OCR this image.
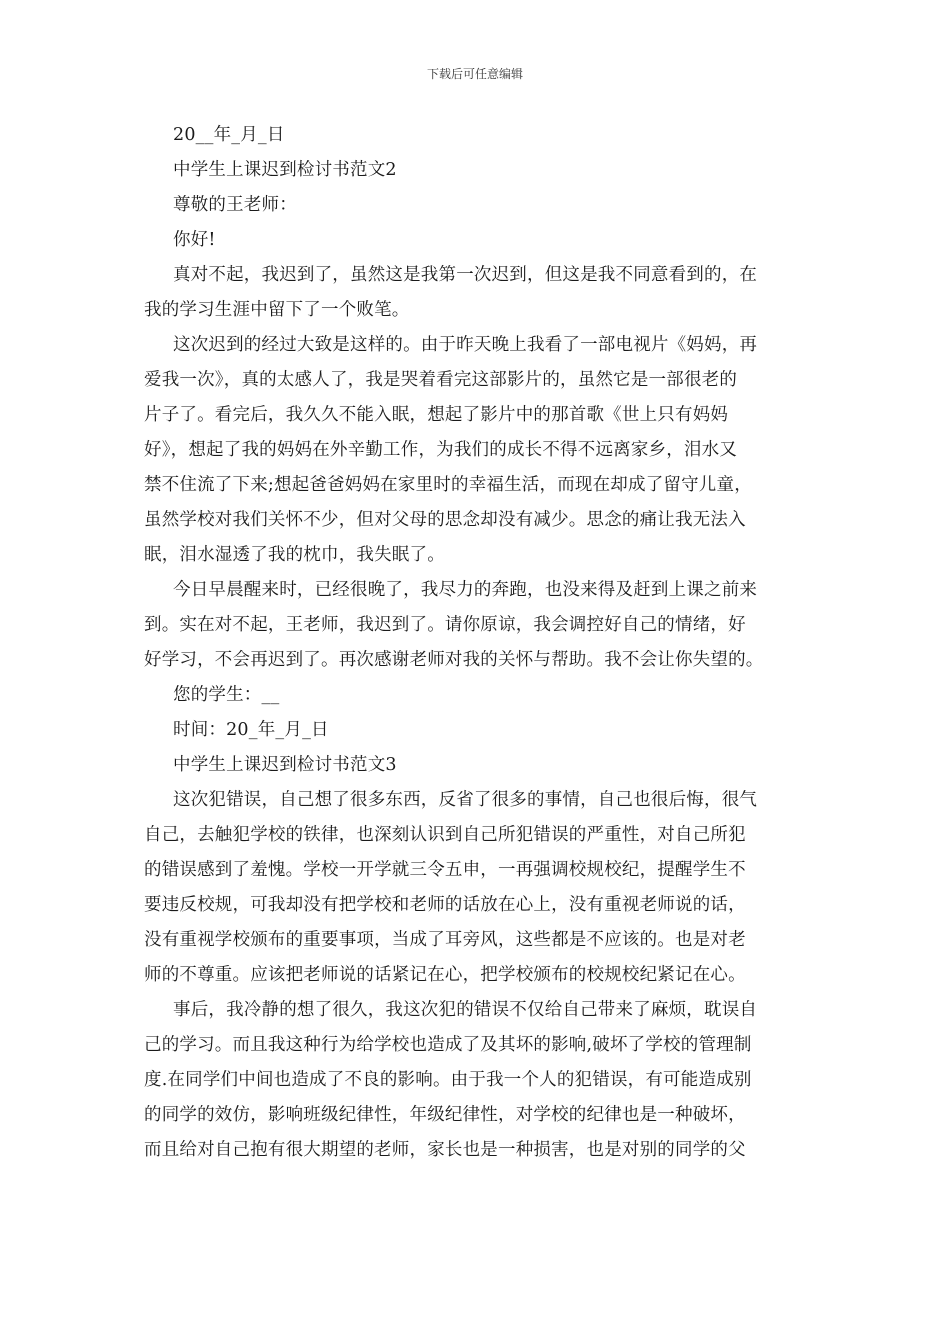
下载后可任意编辑

20__年_月_日

中学生上课迟到检讨书范文2

尊敬的王老师：

你好!

真对不起，我迟到了，虽然这是我第一次迟到，但这是我不同意看到的，在

我的学习生涯中留下了一个败笔。

这次迟到的经过大致是这样的。由于昨天晚上我看了一部电视片《妈妈，再

爱我一次》，真的太感人了，我是哭着看完这部影片的，虽然它是一部很老的

片子了。看完后，我久久不能入眠，想起了影片中的那首歌《世上只有妈妈

好》，想起了我的妈妈在外辛勤工作，为我们的成长不得不远离家乡，泪水又

禁不住流了下来;想起爸爸妈妈在家里时的幸福生活，而现在却成了留守儿童，

虽然学校对我们关怀不少，但对父母的思念却没有减少。思念的痛让我无法入

眠，泪水湿透了我的枕巾，我失眠了。

今日早晨醒来时，已经很晚了，我尽力的奔跑，也没来得及赶到上课之前来

到。实在对不起，王老师，我迟到了。请你原谅，我会调控好自己的情绪，好

好学习，不会再迟到了。再次感谢老师对我的关怀与帮助。我不会让你失望的。

您的学生：__

时间：20_年_月_日

中学生上课迟到检讨书范文3

这次犯错误，自己想了很多东西，反省了很多的事情，自己也很后悔，很气

自己，去触犯学校的铁律，也深刻认识到自己所犯错误的严重性，对自己所犯

的错误感到了羞愧。学校一开学就三令五申，一再强调校规校纪，提醒学生不

要违反校规，可我却没有把学校和老师的话放在心上，没有重视老师说的话，

没有重视学校颁布的重要事项，当成了耳旁风，这些都是不应该的。也是对老

师的不尊重。应该把老师说的话紧记在心，把学校颁布的校规校纪紧记在心。

事后，我冷静的想了很久，我这次犯的错误不仅给自己带来了麻烦，耽误自

己的学习。而且我这种行为给学校也造成了及其坏的影响,破坏了学校的管理制

度.在同学们中间也造成了不良的影响。由于我一个人的犯错误，有可能造成别

的同学的效仿，影响班级纪律性，年级纪律性，对学校的纪律也是一种破坏，

而且给对自己抱有很大期望的老师，家长也是一种损害，也是对别的同学的父
